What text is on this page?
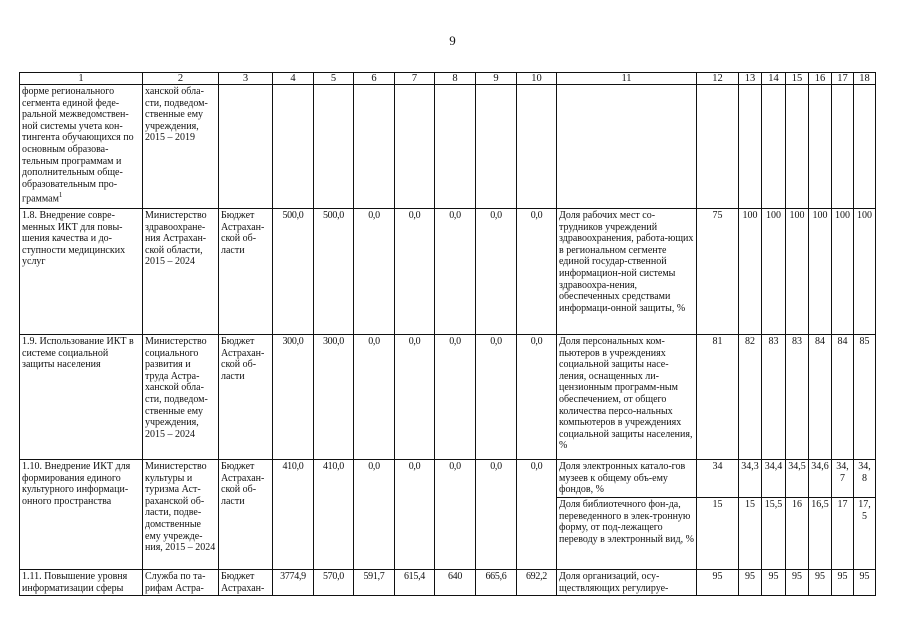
9
1	2	3	4	5	6	7	8	9	10	11	12	13	14	15	16	17	18
форме регионального сегмента единой феде-ральной межведомствен-ной системы учета кон-тингента обучающихся по основным образова-тельным программам и дополнительным обще-образовательным про-граммам$^1$	ханской обла-сти, подведом-ственные ему учреждения, 2015 – 2019																
1.8. Внедрение совре-менных ИКТ для повы-шения качества и до-ступности медицинских услуг	Министерство здравоохране-ния Астрахан-ской области, 2015 – 2024	Бюджет Астрахан-ской об-ласти	500,0	500,0	0,0	0,0	0,0	0,0	0,0	Доля рабочих мест со-трудников учреждений здравоохранения, работа-ющих в региональном сегменте единой государ-ственной информацион-ной системы здравоохра-нения, обеспеченных средствами информаци-онной защиты, %	75	100	100	100	100	100	100
1.9. Использование ИКТ в системе социальной защиты населения	Министерство социального развития и труда Астра-ханской обла-сти, подведом-ственные ему учреждения, 2015 – 2024	Бюджет Астрахан-ской об-ласти	300,0	300,0	0,0	0,0	0,0	0,0	0,0	Доля персональных ком-пьютеров в учреждениях социальной защиты насе-ления, оснащенных ли-цензионным программ-ным обеспечением, от общего количества персо-нальных компьютеров в учреждениях социальной защиты населения, %	81	82	83	83	84	84	85
1.10. Внедрение ИКТ для формирования единого культурного информаци-онного пространства	Министерство культуры и туризма Аст-раханской об-ласти, подве-домственные ему учрежде-ния, 2015 – 2024	Бюджет Астрахан-ской об-ласти	410,0	410,0	0,0	0,0	0,0	0,0	0,0	Доля электронных катало-гов музеев к общему объ-ему фондов, %	34	34,3	34,4	34,5	34,6	34,7	34,8
										Доля библиотечного фон-да, переведенного в элек-тронную форму, от под-лежащего переводу в электронный вид, %	15	15	15,5	16	16,5	17	17,5
1.11. Повышение уровня информатизации сферы	Служба по та-рифам Астра-	Бюджет Астрахан-	3774,9	570,0	591,7	615,4	640	665,6	692,2	Доля организаций, осу-ществляющих регулируе-	95	95	95	95	95	95	95
